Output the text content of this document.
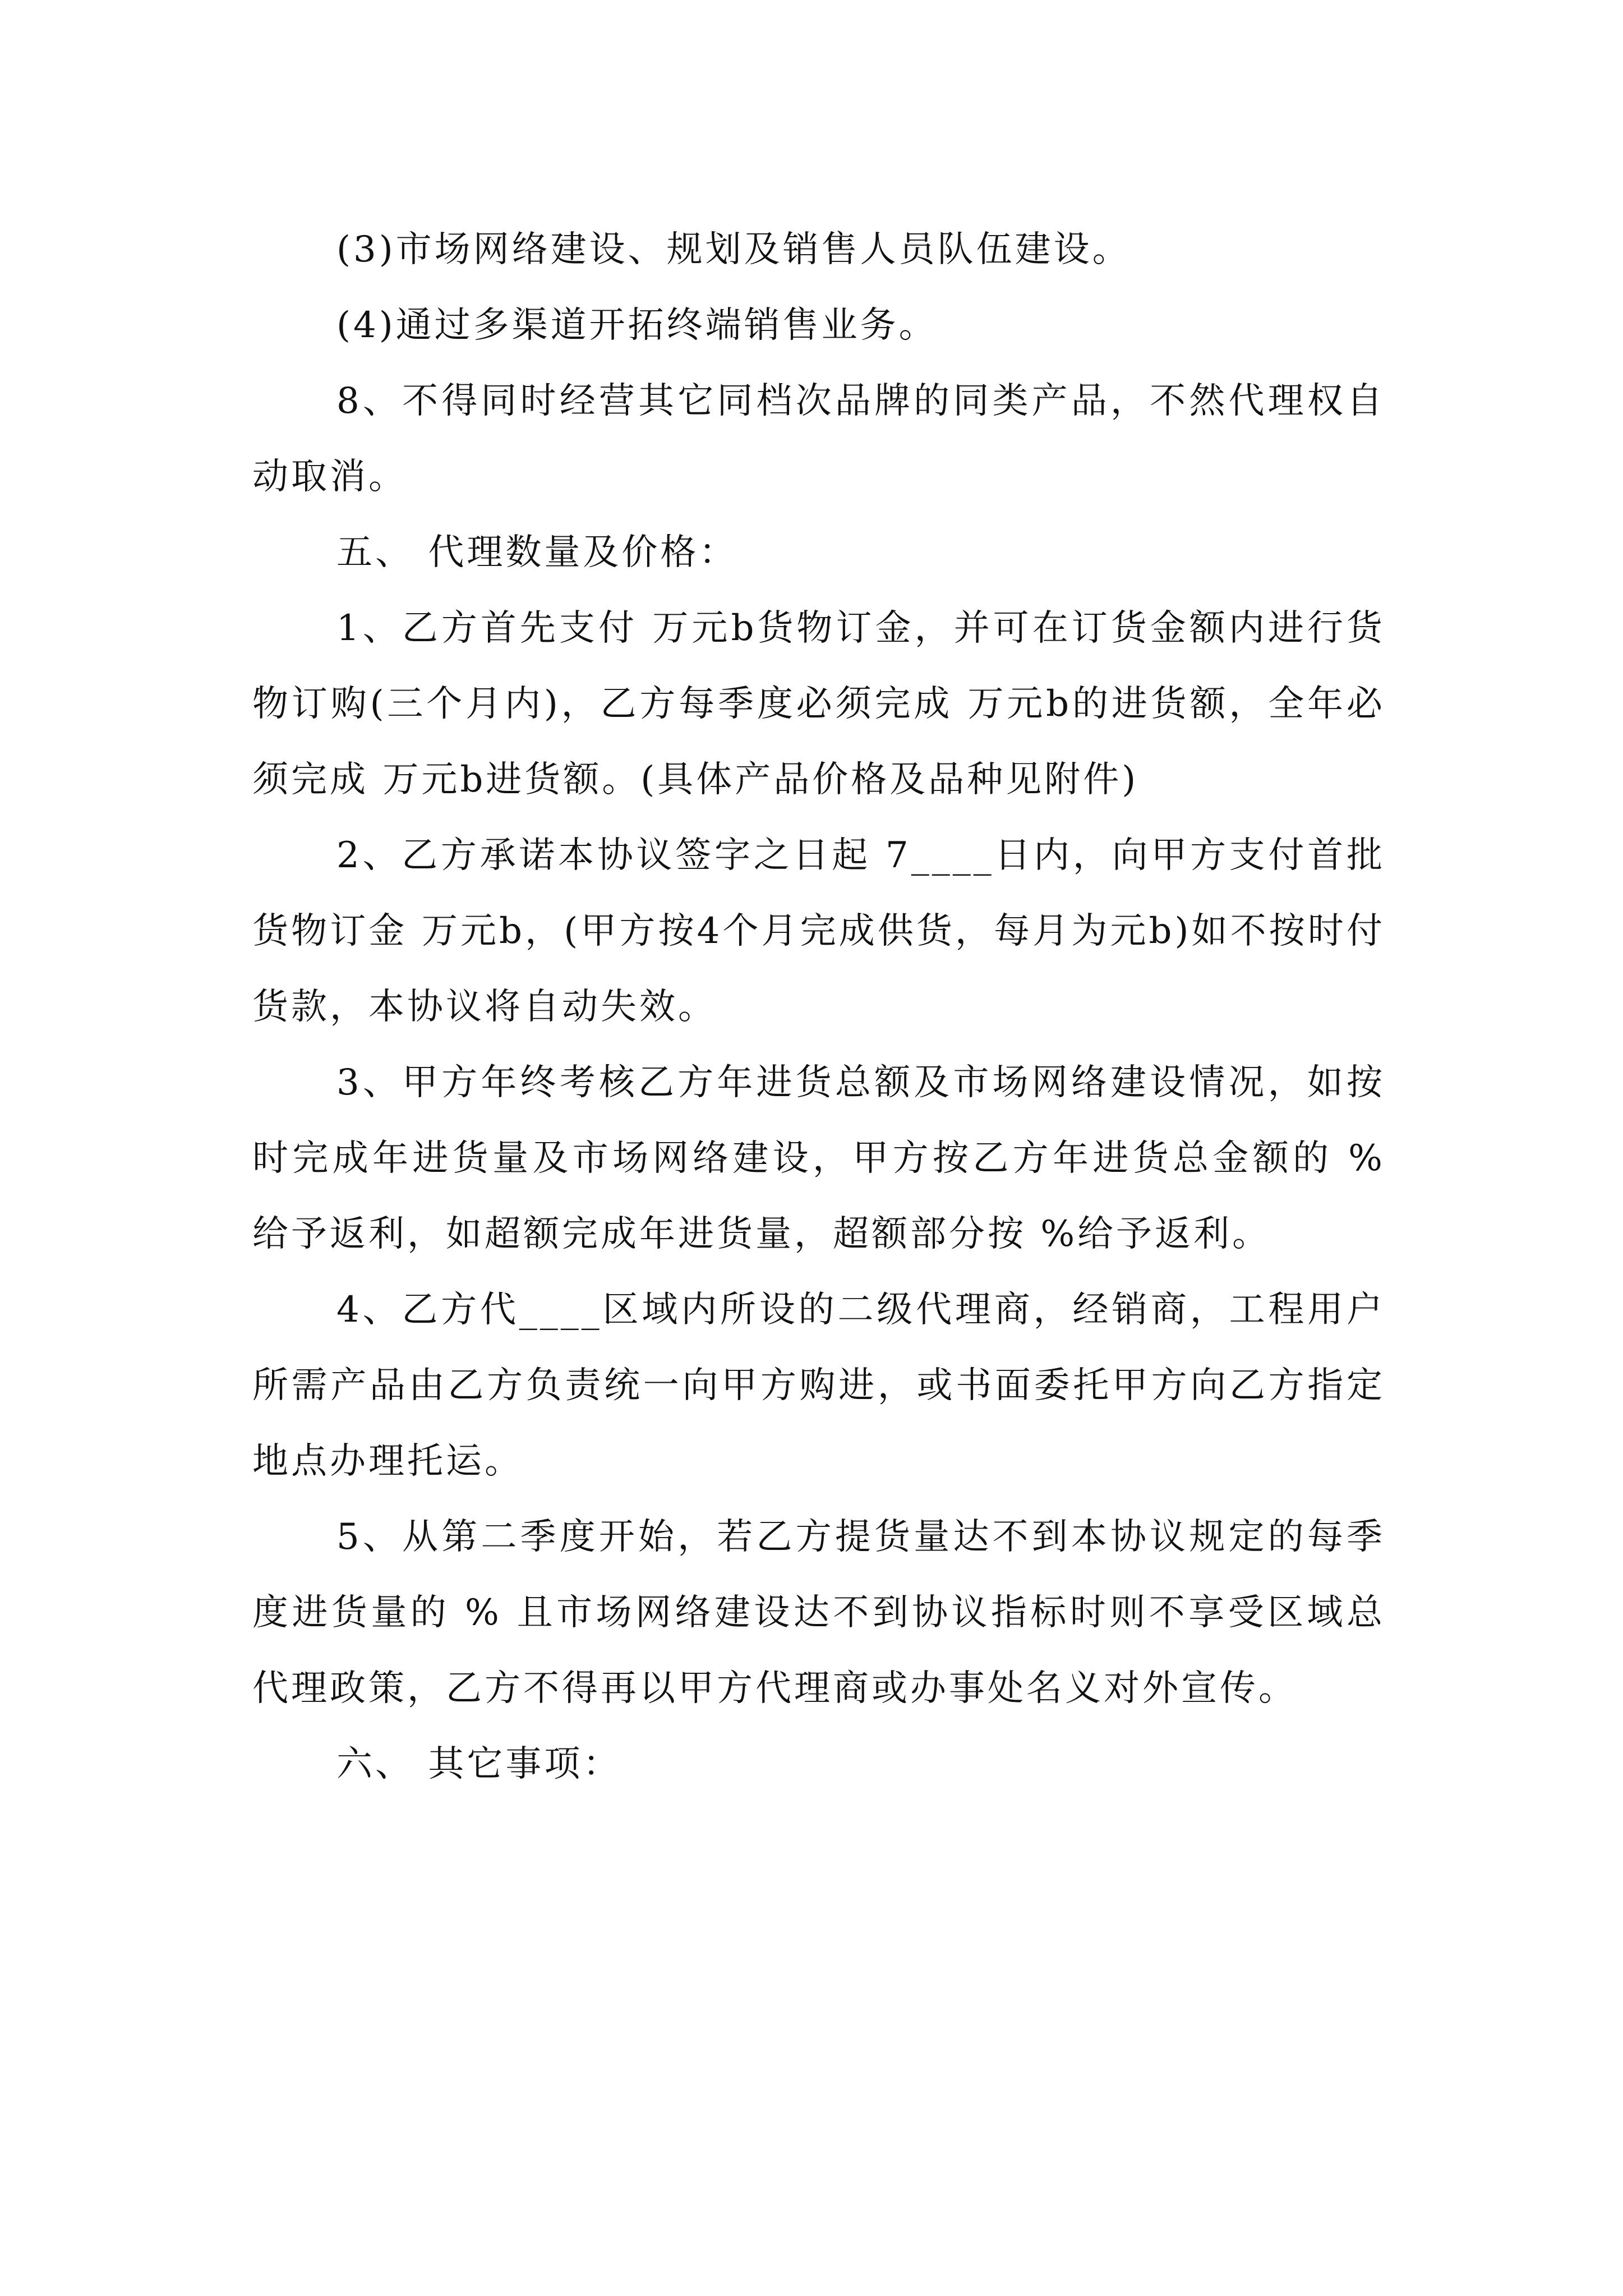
(3)市场网络建设、规划及销售人员队伍建设。

(4)通过多渠道开拓终端销售业务。

8、不得同时经营其它同档次品牌的同类产品，不然代理权自动取消。

五、 代理数量及价格：

1、乙方首先支付 万元b货物订金，并可在订货金额内进行货物订购(三个月内)，乙方每季度必须完成 万元b的进货额，全年必须完成 万元b进货额。(具体产品价格及品种见附件)

2、乙方承诺本协议签字之日起 7____日内，向甲方支付首批货物订金 万元b，(甲方按4个月完成供货，每月为元b)如不按时付货款，本协议将自动失效。

3、甲方年终考核乙方年进货总额及市场网络建设情况，如按时完成年进货量及市场网络建设，甲方按乙方年进货总金额的 %给予返利，如超额完成年进货量，超额部分按 %给予返利。

4、乙方代____区域内所设的二级代理商，经销商，工程用户所需产品由乙方负责统一向甲方购进，或书面委托甲方向乙方指定地点办理托运。

5、从第二季度开始，若乙方提货量达不到本协议规定的每季度进货量的 % 且市场网络建设达不到协议指标时则不享受区域总代理政策，乙方不得再以甲方代理商或办事处名义对外宣传。

六、 其它事项：
